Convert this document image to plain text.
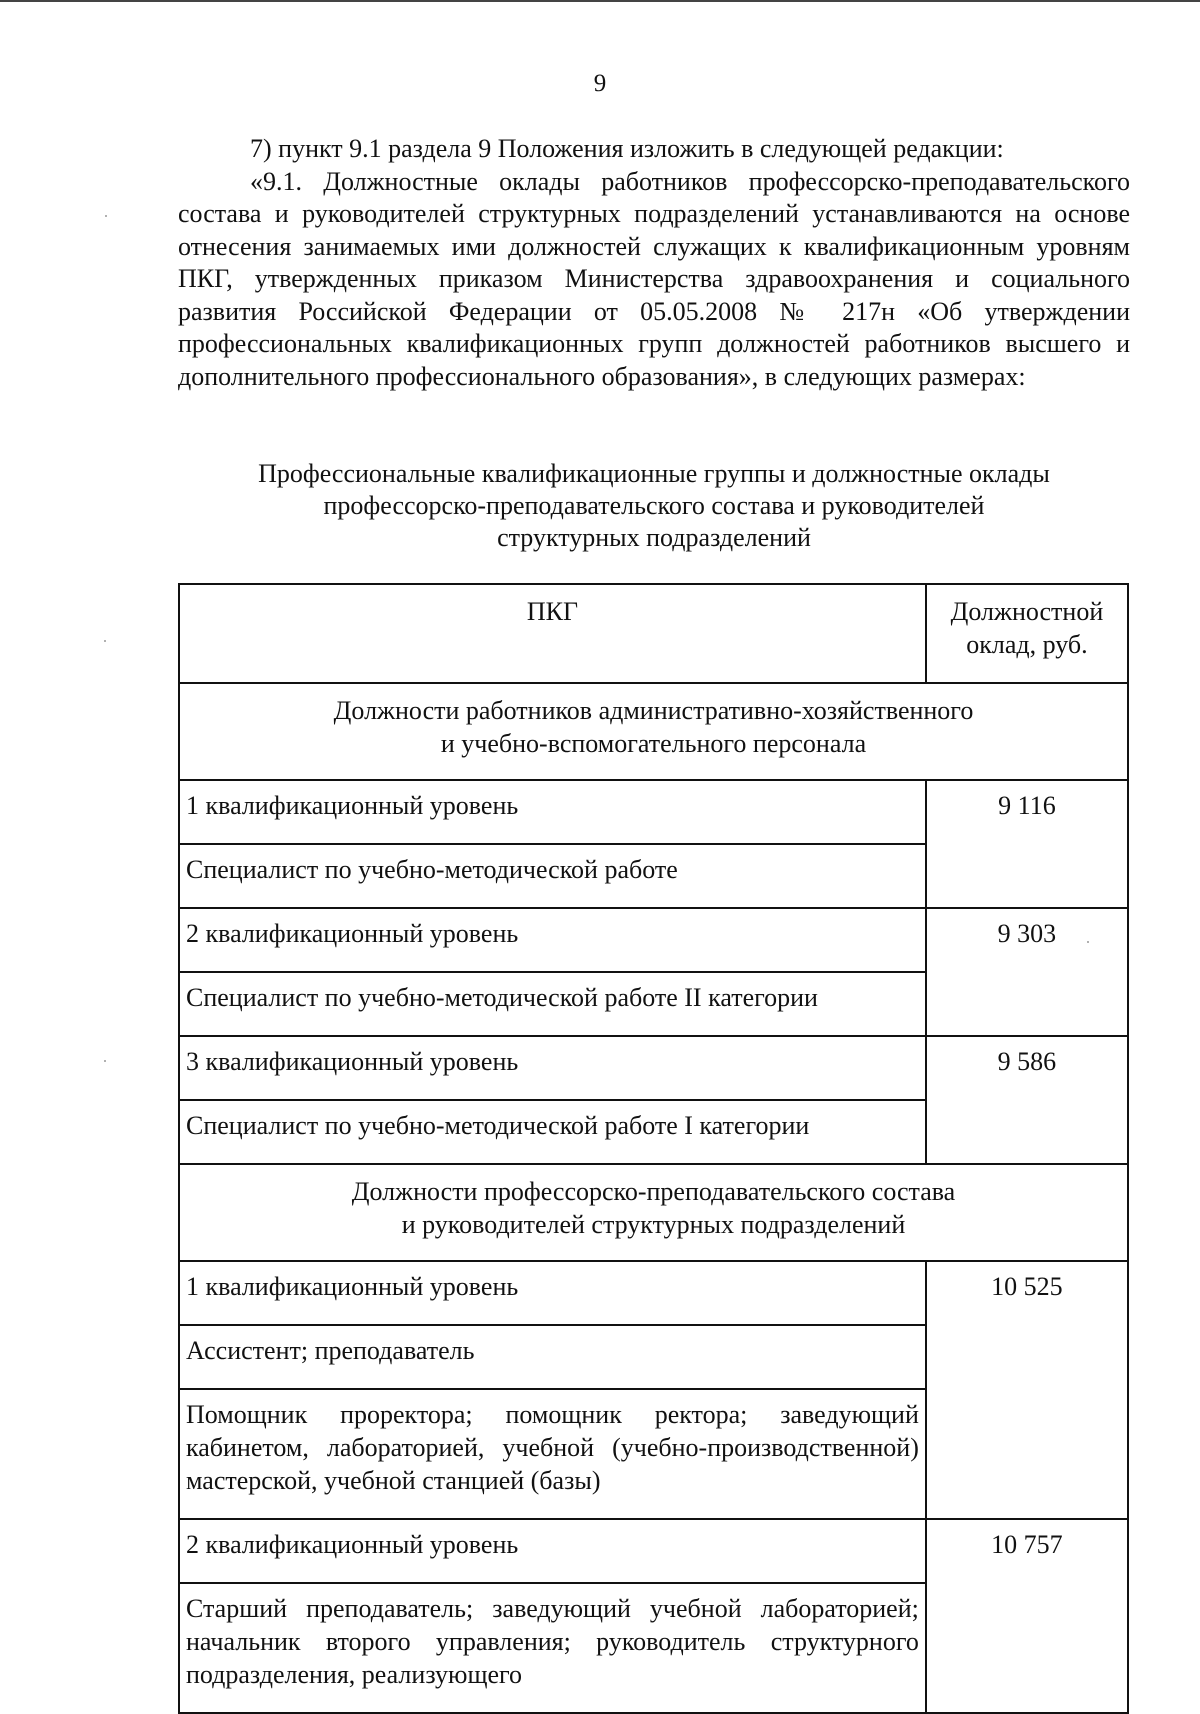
9

7) пункт 9.1 раздела 9 Положения изложить в следующей редакции:

«9.1. Должностные оклады работников профессорско-преподавательского состава и руководителей структурных подразделений устанавливаются на основе отнесения занимаемых ими должностей служащих к квалификационным уровням ПКГ, утвержденных приказом Министерства здравоохранения и социального развития Российской Федерации от 05.05.2008 № 217н «Об утверждении профессиональных квалификационных групп должностей работников высшего и дополнительного профессионального образования», в следующих размерах:

Профессиональные квалификационные группы и должностные оклады
профессорско-преподавательского состава и руководителей
структурных подразделений
ПКГ	Должностной
оклад, руб.

Должности работников административно-хозяйственного
и учебно-вспомогательного персонала	

1 квалификационный уровень	9 116
Специалист по учебно-методической работе	
2 квалификационный уровень	9 303
Специалист по учебно-методической работе II категории	
3 квалификационный уровень	9 586
Специалист по учебно-методической работе I категории	

Должности профессорско-преподавательского состава
и руководителей структурных подразделений	

1 квалификационный уровень	10 525
Ассистент; преподаватель	
Помощник проректора; помощник ректора; заведующий кабинетом, лабораторией, учебной (учебно-производственной) мастерской, учебной станцией (базы)	
2 квалификационный уровень	10 757
Старший преподаватель; заведующий учебной лабораторией; начальник второго управления; руководитель структурного подразделения, реализующего	
